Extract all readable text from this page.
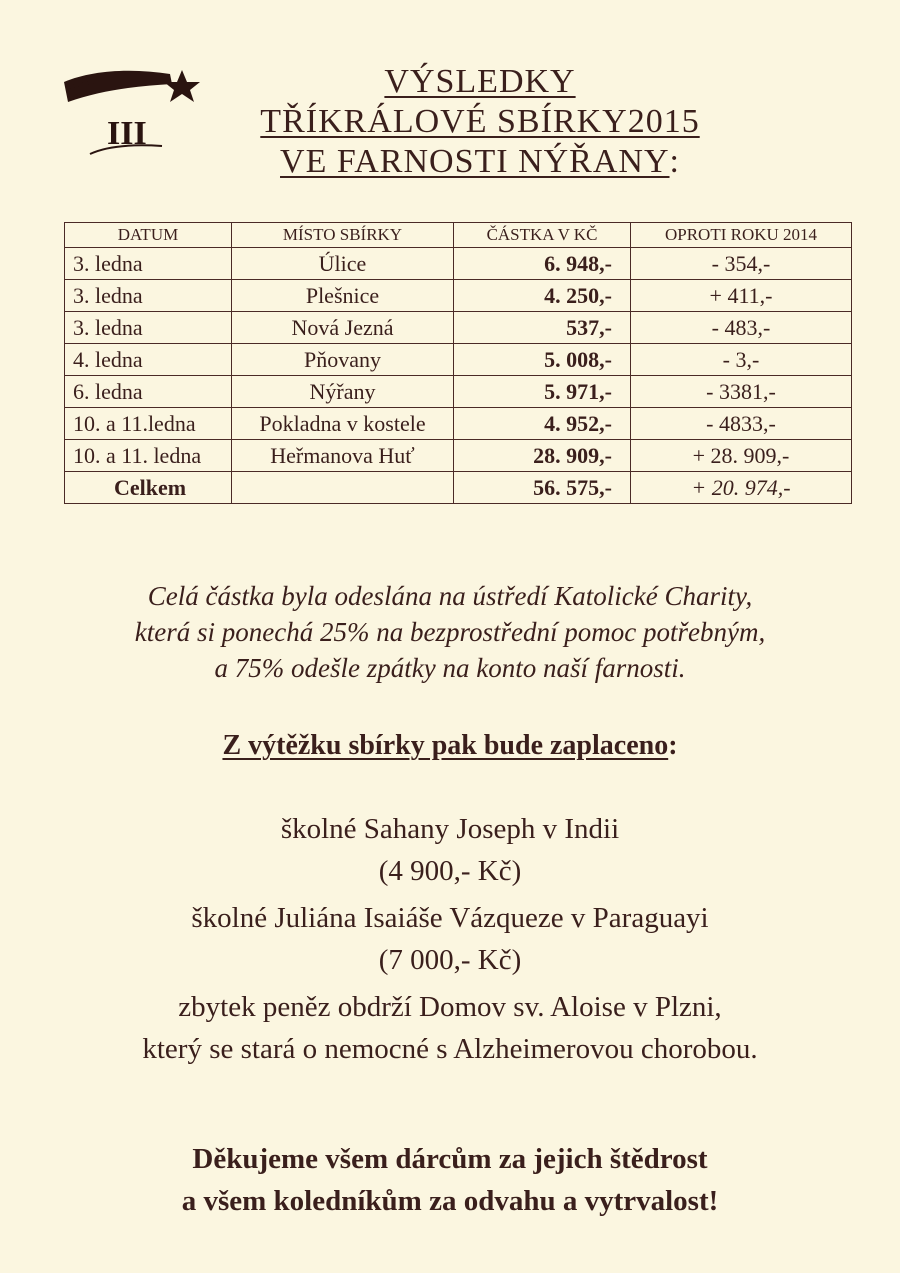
III
VÝSLEDKY
TŘÍKRÁLOVÉ SBÍRKY2015
VE FARNOSTI NÝŘANY:
DATUM	MÍSTO SBÍRKY	ČÁSTKA V KČ	OPROTI ROKU 2014
3. ledna	Úlice	6. 948,-	- 354,-
3. ledna	Plešnice	4. 250,-	+ 411,-
3. ledna	Nová Jezná	537,-	- 483,-
4. ledna	Pňovany	5. 008,-	- 3,-
6. ledna	Nýřany	5. 971,-	- 3381,-
10. a 11.ledna	Pokladna v kostele	4. 952,-	- 4833,-
10. a 11. ledna	Heřmanova Huť	28. 909,-	+ 28. 909,-
Celkem		56. 575,-	+ 20. 974,-
Celá částka byla odeslána na ústředí Katolické Charity,
která si ponechá 25% na bezprostřední pomoc potřebným,
a 75% odešle zpátky na konto naší farnosti.
Z výtěžku sbírky pak bude zaplaceno:
školné Sahany Joseph v Indii
(4 900,- Kč)
školné Juliána Isaiáše Vázqueze v Paraguayi
(7 000,- Kč)
zbytek peněz obdrží Domov sv. Aloise v Plzni,
který se stará o nemocné s Alzheimerovou chorobou.
Děkujeme všem dárcům za jejich štědrost
a všem koledníkům za odvahu a vytrvalost!
